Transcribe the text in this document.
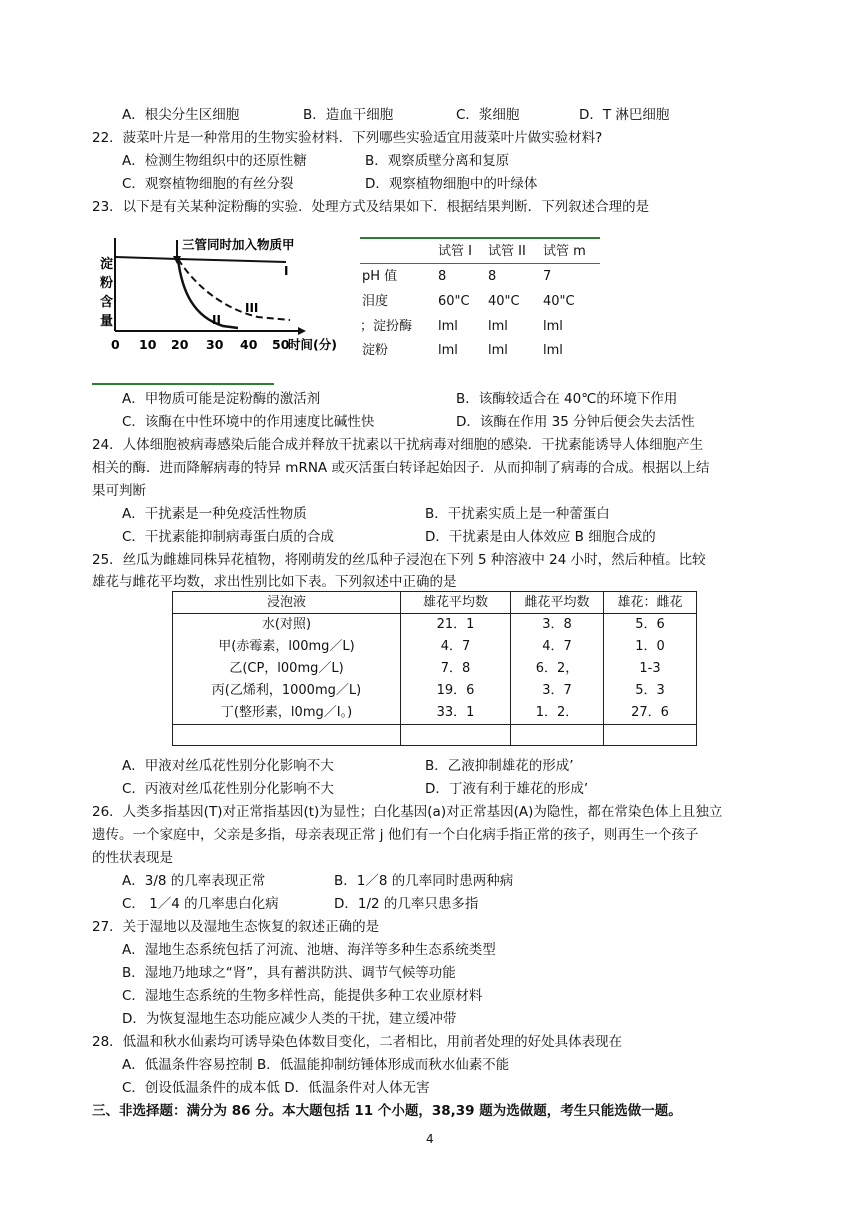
A．根尖分生区细胞	B．造血干细胞	C．浆细胞	D．T 淋巴细胞
22．菠菜叶片是一种常用的生物实验材料．下列哪些实验适宜用菠菜叶片做实验材料?
A．检测生物组织中的还原性糖	B．观察质壁分离和复原
C．观察植物细胞的有丝分裂	D．观察植物细胞中的叶绿体
23．以下是有关某种淀粉酶的实验．处理方式及结果如下．根据结果判断．下列叙述合理的是
淀
粉
含
量
三管同时加入物质甲
I
II
III
0 10 20 30 40 50
时间(分)
试管 I 试管 II 试管 m
pH 值	8	8	7
泪度	60"C 40"C 40"C
；淀扮酶 lml lml	lml
淀粉	lml lml	lml
A．甲物质可能是淀粉酶的激活剂	B．该酶较适合在 40℃的环境下作用
C．该酶在中性环境中的作用速度比碱性快	D．该酶在作用 35 分钟后便会失去活性
24．人体细胞被病毒感染后能合成并释放干扰素以干扰病毒对细胞的感染．干扰素能诱导人体细胞产生
相关的酶．进而降解病毒的特异 mRNA 或灭活蛋白转译起始因子．从而抑制了病毒的合成。根据以上结
果可判断
A．干扰素是一种免疫活性物质	B．干扰素实质上是一种蕾蛋白
C．干扰素能抑制病毒蛋白质的合成	D．干扰素是由人体效应 B 细胞合成的
25．丝瓜为雌雄同株异花植物，将刚萌发的丝瓜种子浸泡在下列 5 种溶液中 24 小时，然后种植。比较
雄花与雌花平均数，求出性别比如下表。下列叙述中正确的是
浸泡液	雄花平均数	雌花平均数	雄花：雌花
水(对照)	21．1	3．8	5．6
甲(赤霉素，l00mg／L)	4．7	4．7	1．0
乙(CP，l00mg／L)	7．8	6．2，	1-3
丙(乙烯利，1000mg／L)	19．6	3．7	5．3
丁(整形素，l0mg／I。)	33．1	1．2．	27．6

A．甲液对丝瓜花性别分化影响不大	B．乙液抑制雄花的形成’
C．丙液对丝瓜花性别分化影响不大	D．丁液有利于雄花的形成’
26．人类多指基因(T)对正常指基因(t)为显性；白化基因(a)对正常基因(A)为隐性，都在常染色体上且独立
遗传。一个家庭中，父亲是多指，母亲表现正常 j 他们有一个白化病手指正常的孩子，则再生一个孩子
的性状表现是
A．3/8 的几率表现正常	B．1／8 的几率同时患两种病
C． 1／4 的几率患白化病	D．1/2 的几率只患多指
27．关于湿地以及湿地生态恢复的叙述正确的是
A．湿地生态系统包括了河流、池塘、海洋等多种生态系统类型
B．湿地乃地球之“肾”，具有蓄洪防洪、调节气候等功能
C．湿地生态系统的生物多样性高，能提供多种工农业原材料
D．为恢复湿地生态功能应减少人类的干扰，建立缓冲带
28．低温和秋水仙素均可诱导染色体数目变化，二者相比，用前者处理的好处具体表现在
A．低温条件容易控制 B．低温能抑制纺锤体形成而秋水仙素不能
C．创设低温条件的成本低 D．低温条件对人体无害
三、非选择题：满分为 86 分。本大题包括 11 个小题，38,39 题为选做题，考生只能选做一题。
4
